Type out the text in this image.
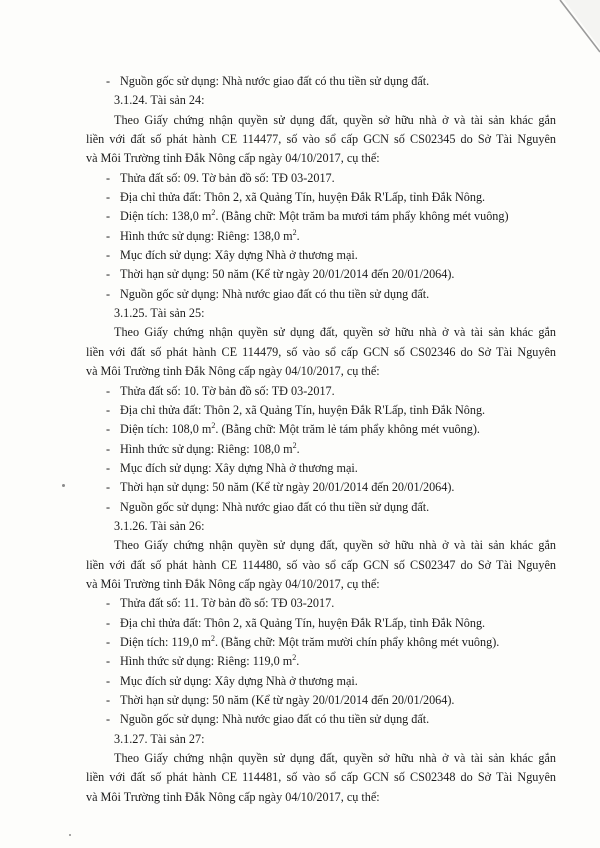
- Nguồn gốc sử dụng: Nhà nước giao đất có thu tiền sử dụng đất.
3.1.24. Tài sản 24:
Theo Giấy chứng nhận quyền sử dụng đất, quyền sở hữu nhà ở và tài sản khác gắn
liền với đất số phát hành CE 114477, số vào sổ cấp GCN số CS02345 do Sở Tài Nguyên
và Môi Trường tỉnh Đắk Nông cấp ngày 04/10/2017, cụ thể:
- Thửa đất số: 09. Tờ bản đồ số: TĐ 03-2017.
- Địa chỉ thửa đất: Thôn 2, xã Quảng Tín, huyện Đắk R'Lấp, tỉnh Đắk Nông.
- Diện tích: 138,0 $m^2$. (Bằng chữ: Một trăm ba mươi tám phẩy không mét vuông)
- Hình thức sử dụng: Riêng: 138,0 $m^2$.
- Mục đích sử dụng: Xây dựng Nhà ở thương mại.
- Thời hạn sử dụng: 50 năm (Kể từ ngày 20/01/2014 đến 20/01/2064).
- Nguồn gốc sử dụng: Nhà nước giao đất có thu tiền sử dụng đất.
3.1.25. Tài sản 25:
Theo Giấy chứng nhận quyền sử dụng đất, quyền sở hữu nhà ở và tài sản khác gắn
liền với đất số phát hành CE 114479, số vào sổ cấp GCN số CS02346 do Sở Tài Nguyên
và Môi Trường tỉnh Đắk Nông cấp ngày 04/10/2017, cụ thể:
- Thửa đất số: 10. Tờ bản đồ số: TĐ 03-2017.
- Địa chỉ thửa đất: Thôn 2, xã Quảng Tín, huyện Đắk R'Lấp, tỉnh Đắk Nông.
- Diện tích: 108,0 $m^2$. (Bằng chữ: Một trăm lẻ tám phẩy không mét vuông).
- Hình thức sử dụng: Riêng: 108,0 $m^2$.
- Mục đích sử dụng: Xây dựng Nhà ở thương mại.
- Thời hạn sử dụng: 50 năm (Kể từ ngày 20/01/2014 đến 20/01/2064).
- Nguồn gốc sử dụng: Nhà nước giao đất có thu tiền sử dụng đất.
3.1.26. Tài sản 26:
Theo Giấy chứng nhận quyền sử dụng đất, quyền sở hữu nhà ở và tài sản khác gắn
liền với đất số phát hành CE 114480, số vào sổ cấp GCN số CS02347 do Sở Tài Nguyên
và Môi Trường tỉnh Đắk Nông cấp ngày 04/10/2017, cụ thể:
- Thửa đất số: 11. Tờ bản đồ số: TĐ 03-2017.
- Địa chỉ thửa đất: Thôn 2, xã Quảng Tín, huyện Đắk R'Lấp, tỉnh Đắk Nông.
- Diện tích: 119,0 $m^2$. (Bằng chữ: Một trăm mười chín phẩy không mét vuông).
- Hình thức sử dụng: Riêng: 119,0 $m^2$.
- Mục đích sử dụng: Xây dựng Nhà ở thương mại.
- Thời hạn sử dụng: 50 năm (Kể từ ngày 20/01/2014 đến 20/01/2064).
- Nguồn gốc sử dụng: Nhà nước giao đất có thu tiền sử dụng đất.
3.1.27. Tài sản 27:
Theo Giấy chứng nhận quyền sử dụng đất, quyền sở hữu nhà ở và tài sản khác gắn
liền với đất số phát hành CE 114481, số vào sổ cấp GCN số CS02348 do Sở Tài Nguyên
và Môi Trường tỉnh Đắk Nông cấp ngày 04/10/2017, cụ thể:
